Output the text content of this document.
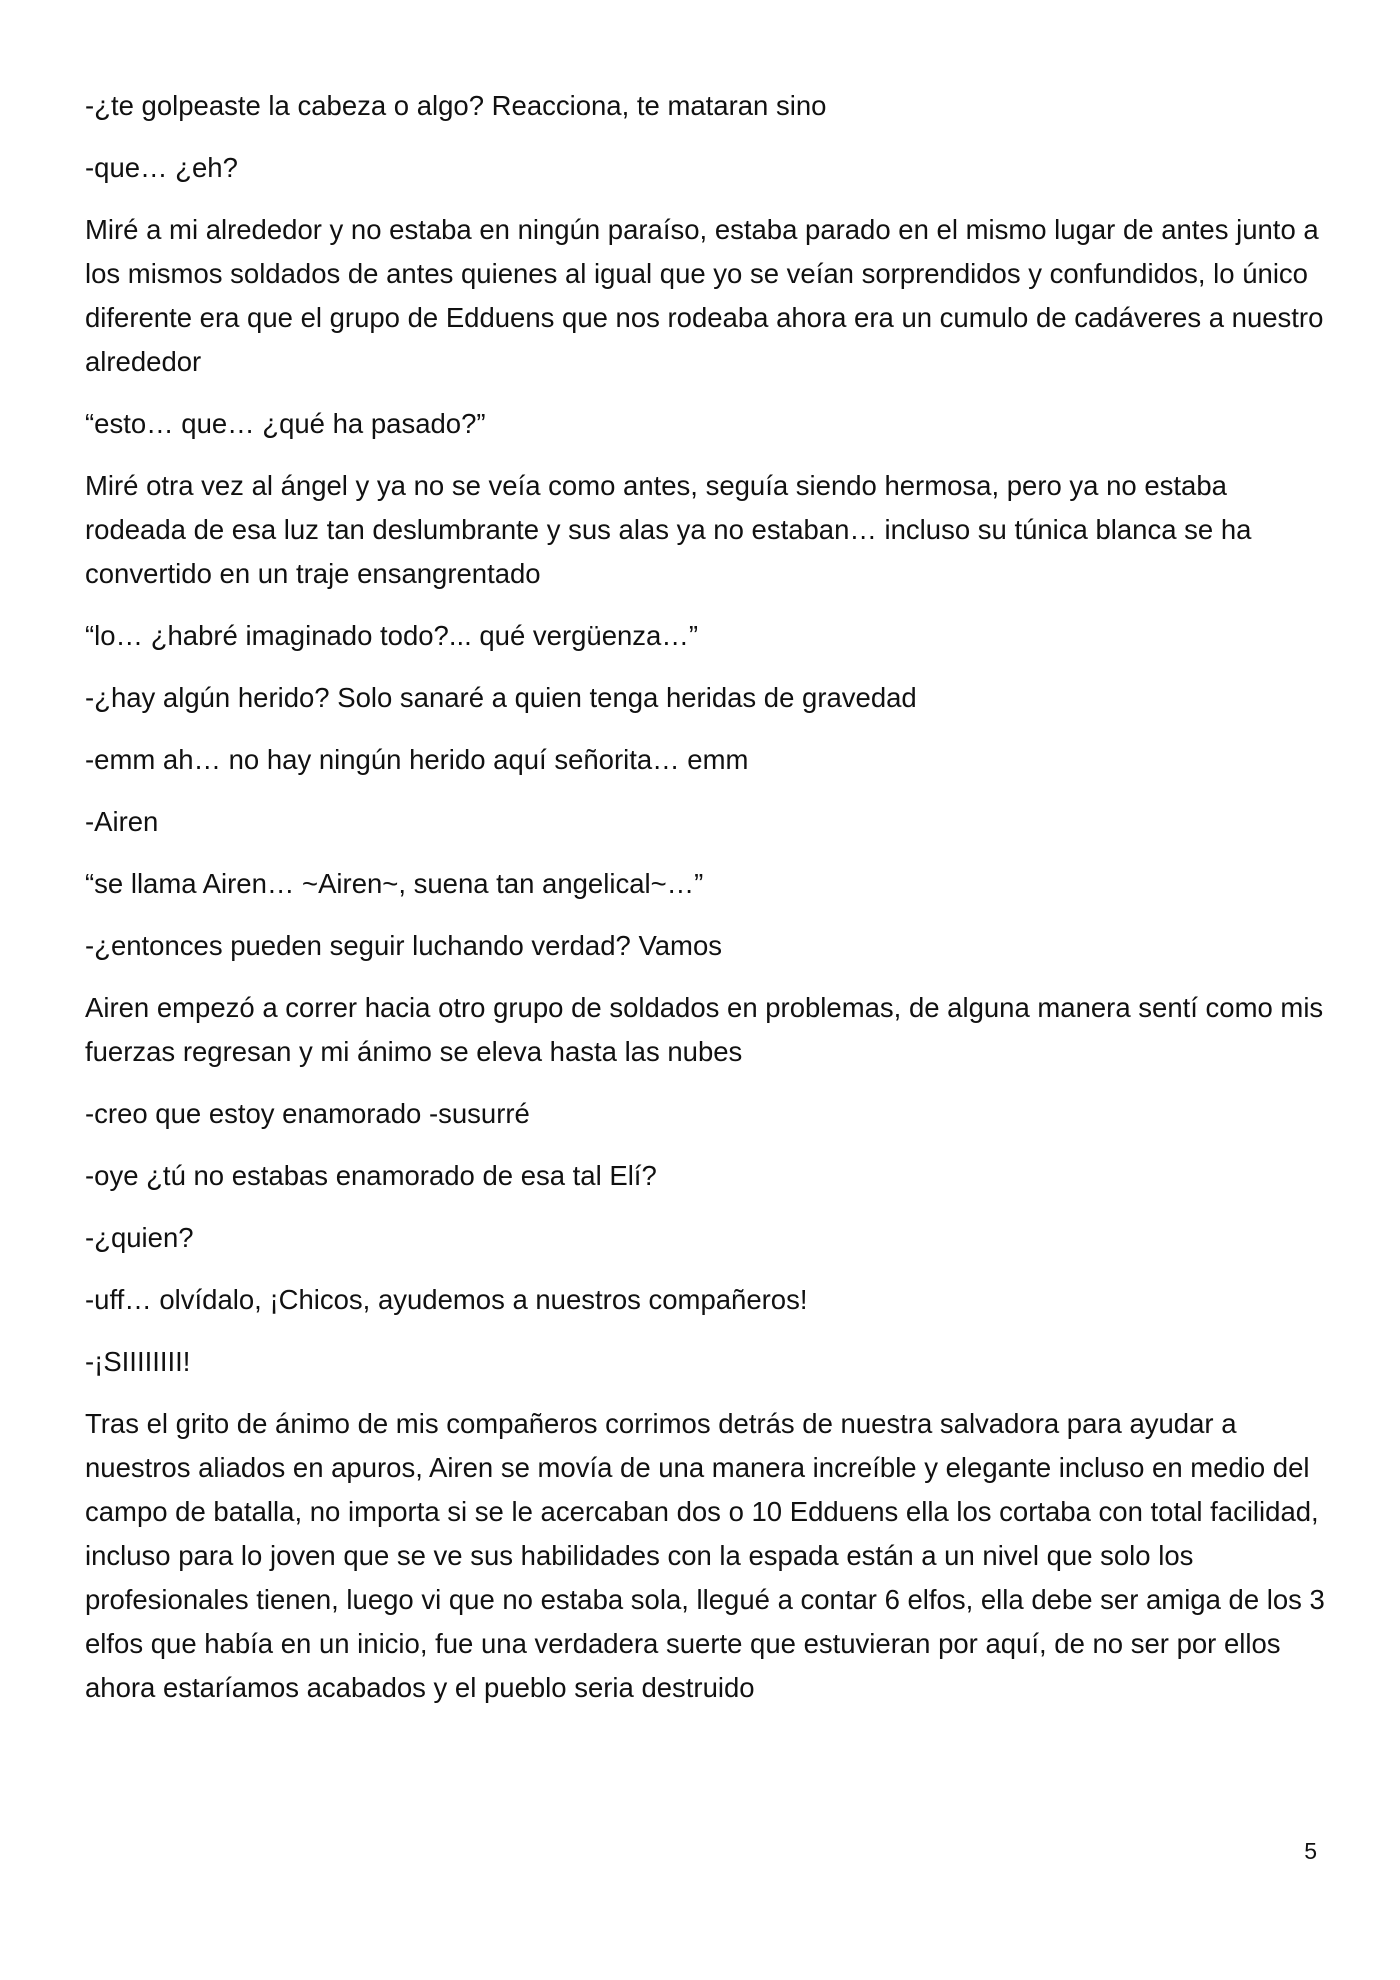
-¿te golpeaste la cabeza o algo? Reacciona, te mataran sino

-que… ¿eh?

Miré a mi alrededor y no estaba en ningún paraíso, estaba parado en el mismo lugar de antes junto a los mismos soldados de antes quienes al igual que yo se veían sorprendidos y confundidos, lo único diferente era que el grupo de Edduens que nos rodeaba ahora era un cumulo de cadáveres a nuestro alrededor

“esto… que… ¿qué ha pasado?”

Miré otra vez al ángel y ya no se veía como antes, seguía siendo hermosa, pero ya no estaba rodeada de esa luz tan deslumbrante y sus alas ya no estaban… incluso su túnica blanca se ha convertido en un traje ensangrentado

“lo… ¿habré imaginado todo?... qué vergüenza…”

-¿hay algún herido? Solo sanaré a quien tenga heridas de gravedad

-emm ah… no hay ningún herido aquí señorita… emm

-Airen

“se llama Airen… ~Airen~, suena tan angelical~…”

-¿entonces pueden seguir luchando verdad? Vamos

Airen empezó a correr hacia otro grupo de soldados en problemas, de alguna manera sentí como mis fuerzas regresan y mi ánimo se eleva hasta las nubes

-creo que estoy enamorado -susurré

-oye ¿tú no estabas enamorado de esa tal Elí?

-¿quien?

-uff… olvídalo, ¡Chicos, ayudemos a nuestros compañeros!

-¡SIIIIIIII!

Tras el grito de ánimo de mis compañeros corrimos detrás de nuestra salvadora para ayudar a nuestros aliados en apuros, Airen se movía de una manera increíble y elegante incluso en medio del campo de batalla, no importa si se le acercaban dos o 10 Edduens ella los cortaba con total facilidad, incluso para lo joven que se ve sus habilidades con la espada están a un nivel que solo los profesionales tienen, luego vi que no estaba sola, llegué a contar 6 elfos, ella debe ser amiga de los 3 elfos que había en un inicio, fue una verdadera suerte que estuvieran por aquí, de no ser por ellos ahora estaríamos acabados y el pueblo seria destruido

5
